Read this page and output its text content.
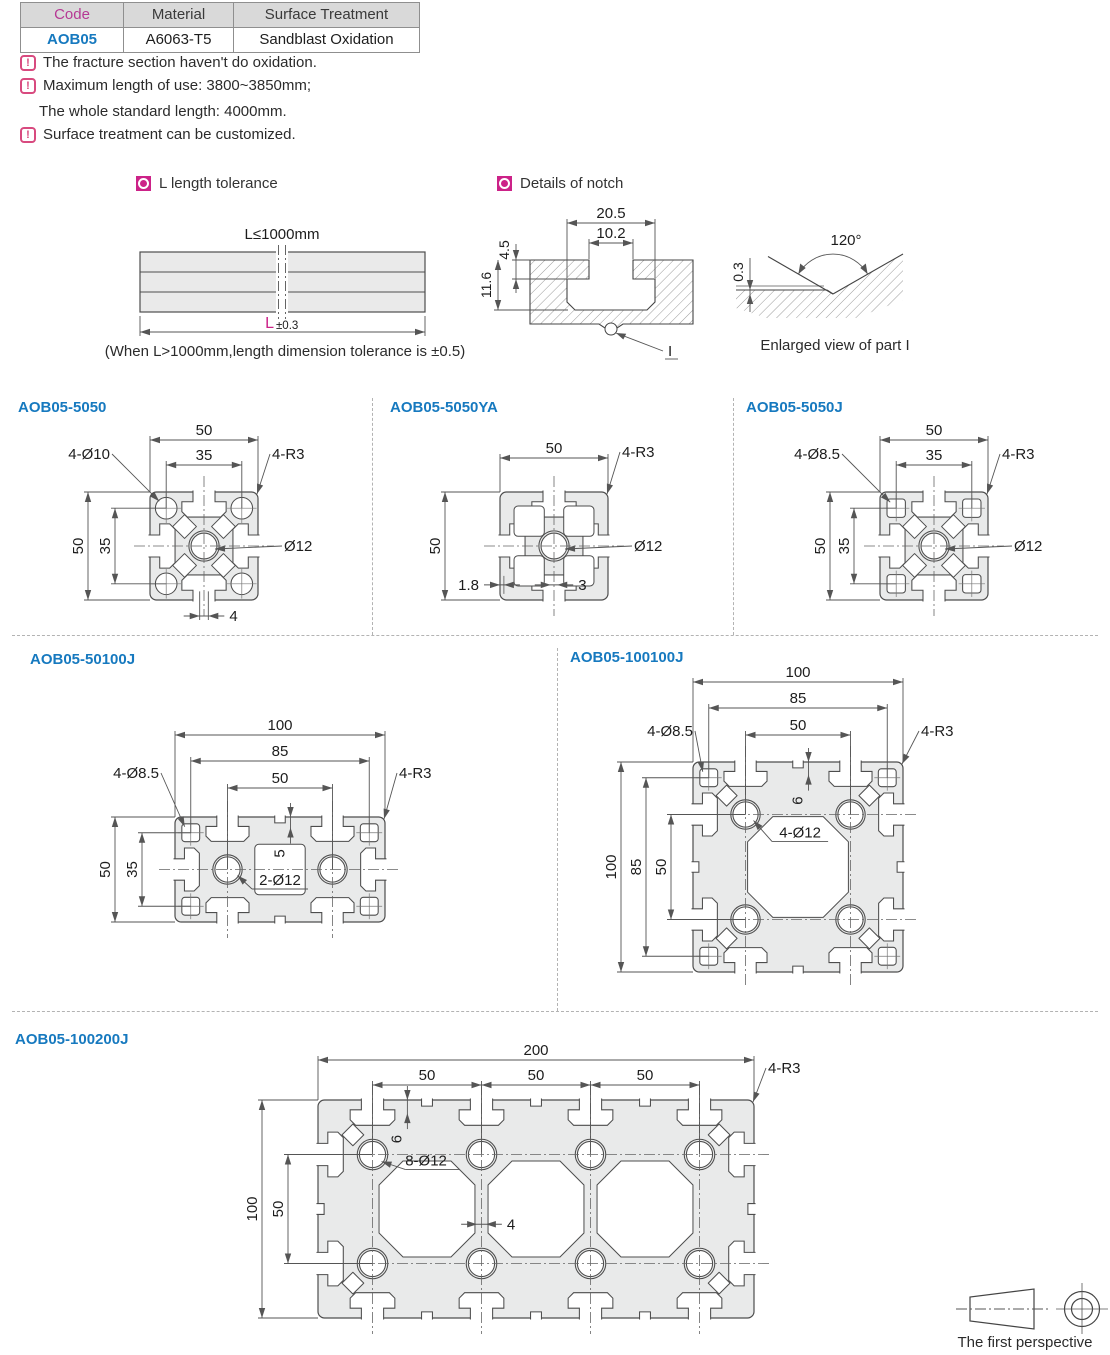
Code	Material	Surface Treatment
AOB05	A6063-T5	Sandblast Oxidation
! The fracture section haven't do oxidation.
! Maximum length of use: 3800~3850mm;
The whole standard length: 4000mm.
! Surface treatment can be customized.
L length tolerance	Details of notch
L≤1000mm
L ±0.3
(When L>1000mm,length dimension tolerance is ±0.5)
20.5
10.2
4.5
11.6
I
120°
0.3
Enlarged view of part I
AOB05-5050	AOB05-5050YA	AOB05-5050J
AOB05-50100J	AOB05-100100J
AOB05-100200J
50
35
50 35
4-Ø10	4-R3
Ø12
4
50	4-R3
50
1.8	3
Ø12
50
35
50 35
4-Ø8.5	4-R3
Ø12
100
85
50
4-Ø8.5	4-R3
50 35
5
2-Ø12
100
85
50
4-Ø8.5	4-R3
100 85 50
6
4-Ø12
200
50	50	50	4-R3
100 50
6
8-Ø12
4
The first perspective
